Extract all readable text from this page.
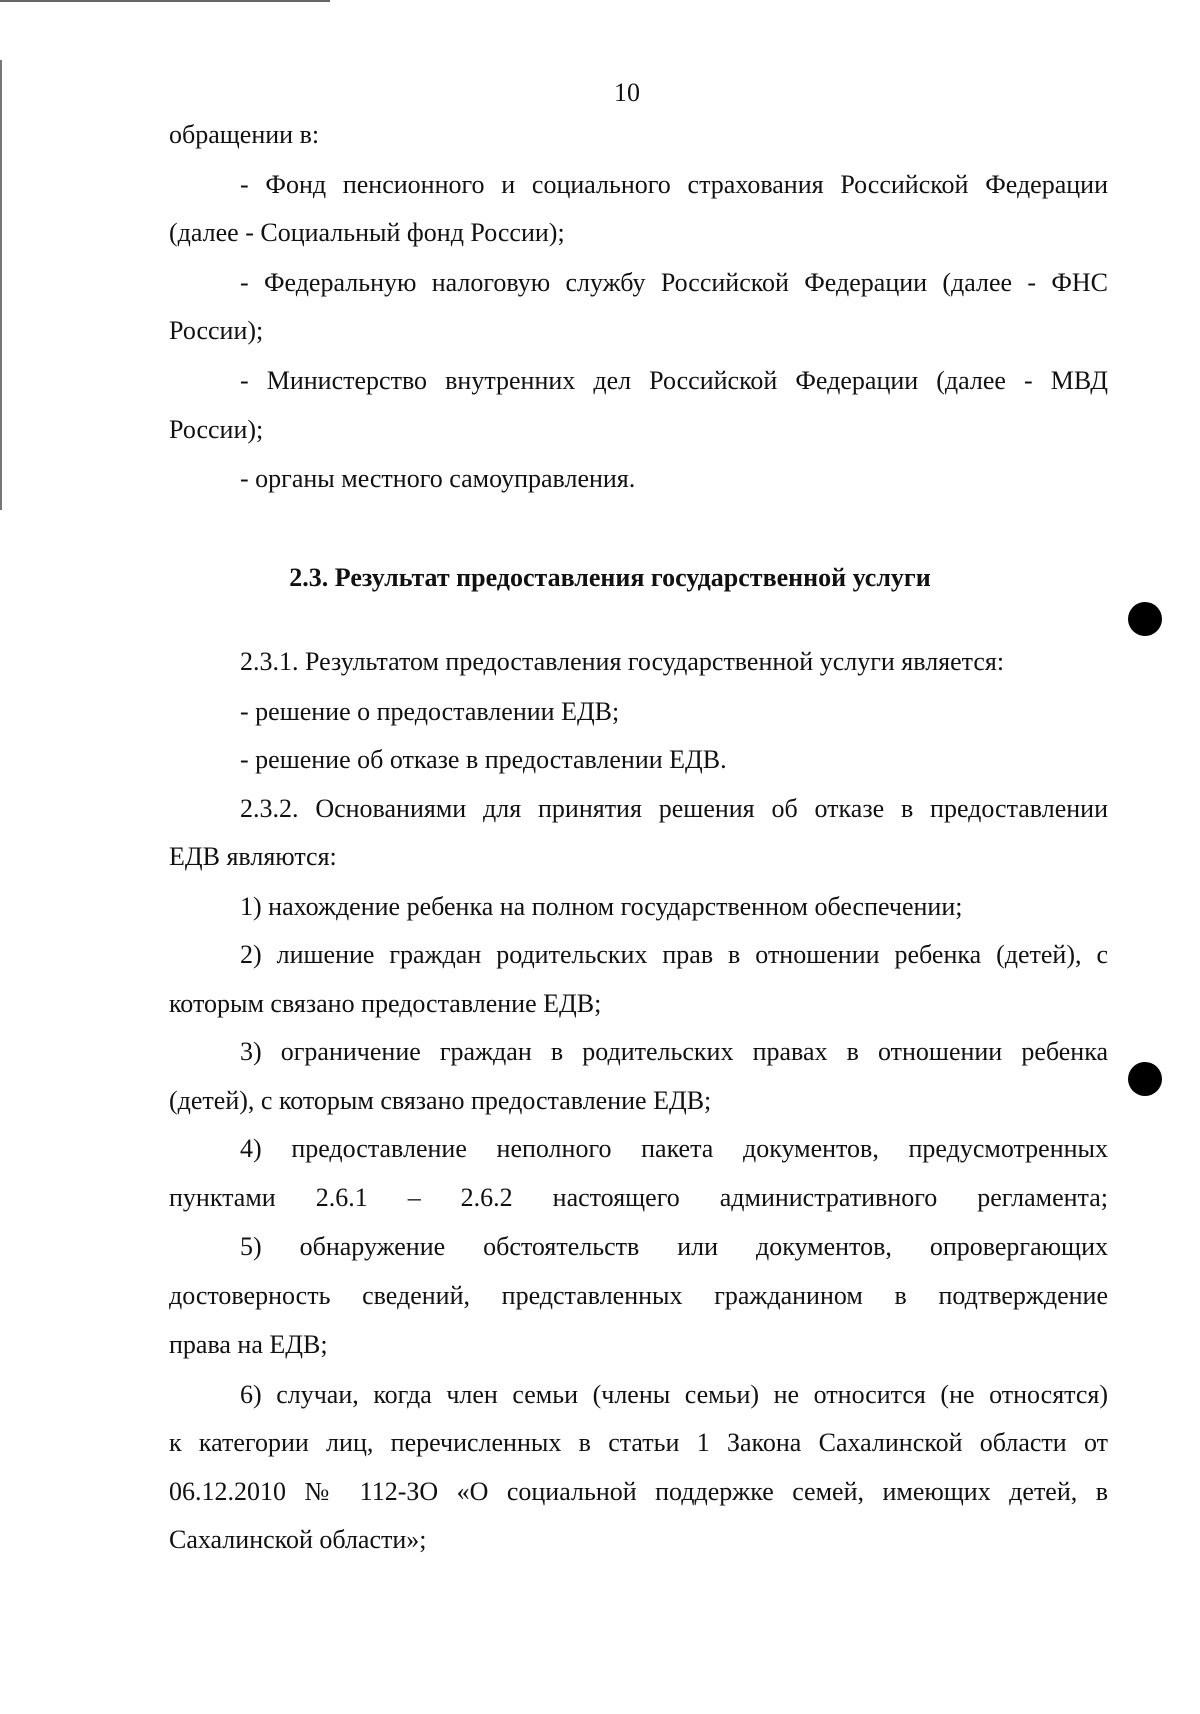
10
обращении в:
- Фонд пенсионного и социального страхования Российской Федерации
(далее - Социальный фонд России);
- Федеральную налоговую службу Российской Федерации (далее - ФНС
России);
- Министерство внутренних дел Российской Федерации (далее - МВД
России);
- органы местного самоуправления.
2.3. Результат предоставления государственной услуги
2.3.1. Результатом предоставления государственной услуги является:
- решение о предоставлении ЕДВ;
- решение об отказе в предоставлении ЕДВ.
2.3.2. Основаниями для принятия решения об отказе в предоставлении
ЕДВ являются:
1) нахождение ребенка на полном государственном обеспечении;
2) лишение граждан родительских прав в отношении ребенка (детей), с
которым связано предоставление ЕДВ;
3) ограничение граждан в родительских правах в отношении ребенка
(детей), с которым связано предоставление ЕДВ;
4) предоставление неполного пакета документов, предусмотренных
пунктами 2.6.1 – 2.6.2 настоящего административного регламента;
5) обнаружение обстоятельств или документов, опровергающих
достоверность сведений, представленных гражданином в подтверждение
права на ЕДВ;
6) случаи, когда член семьи (члены семьи) не относится (не относятся)
к категории лиц, перечисленных в статьи 1 Закона Сахалинской области от
06.12.2010 № 112-ЗО «О социальной поддержке семей, имеющих детей, в
Сахалинской области»;
